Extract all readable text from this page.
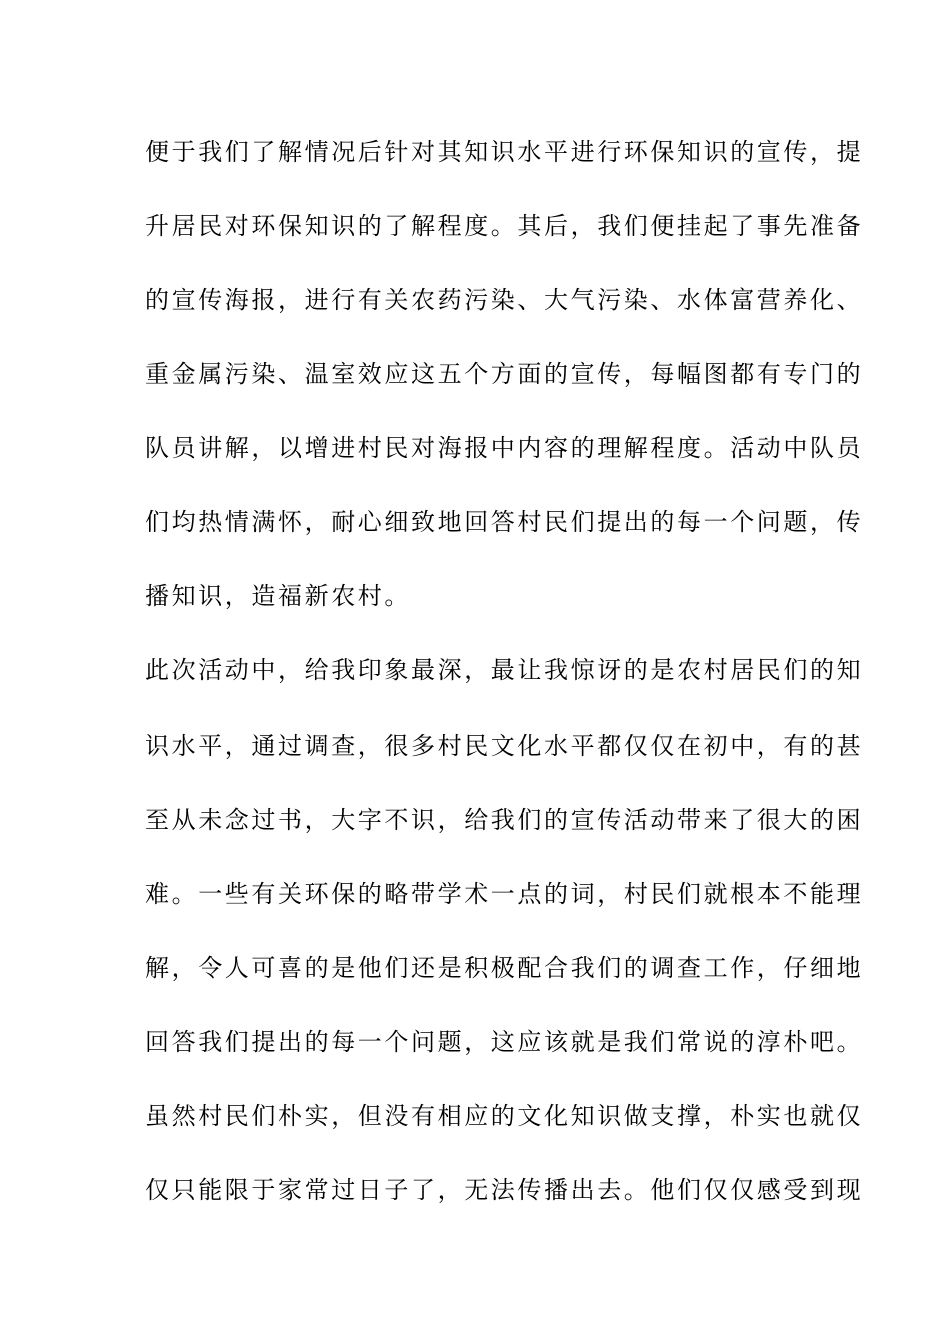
便于我们了解情况后针对其知识水平进行环保知识的宣传，提
升居民对环保知识的了解程度。其后，我们便挂起了事先准备
的宣传海报，进行有关农药污染、大气污染、水体富营养化、
重金属污染、温室效应这五个方面的宣传，每幅图都有专门的
队员讲解，以增进村民对海报中内容的理解程度。活动中队员
们均热情满怀，耐心细致地回答村民们提出的每一个问题，传
播知识，造福新农村。
此次活动中，给我印象最深，最让我惊讶的是农村居民们的知
识水平，通过调查，很多村民文化水平都仅仅在初中，有的甚
至从未念过书，大字不识，给我们的宣传活动带来了很大的困
难。一些有关环保的略带学术一点的词，村民们就根本不能理
解，令人可喜的是他们还是积极配合我们的调查工作，仔细地
回答我们提出的每一个问题，这应该就是我们常说的淳朴吧。
虽然村民们朴实，但没有相应的文化知识做支撑，朴实也就仅
仅只能限于家常过日子了，无法传播出去。他们仅仅感受到现
